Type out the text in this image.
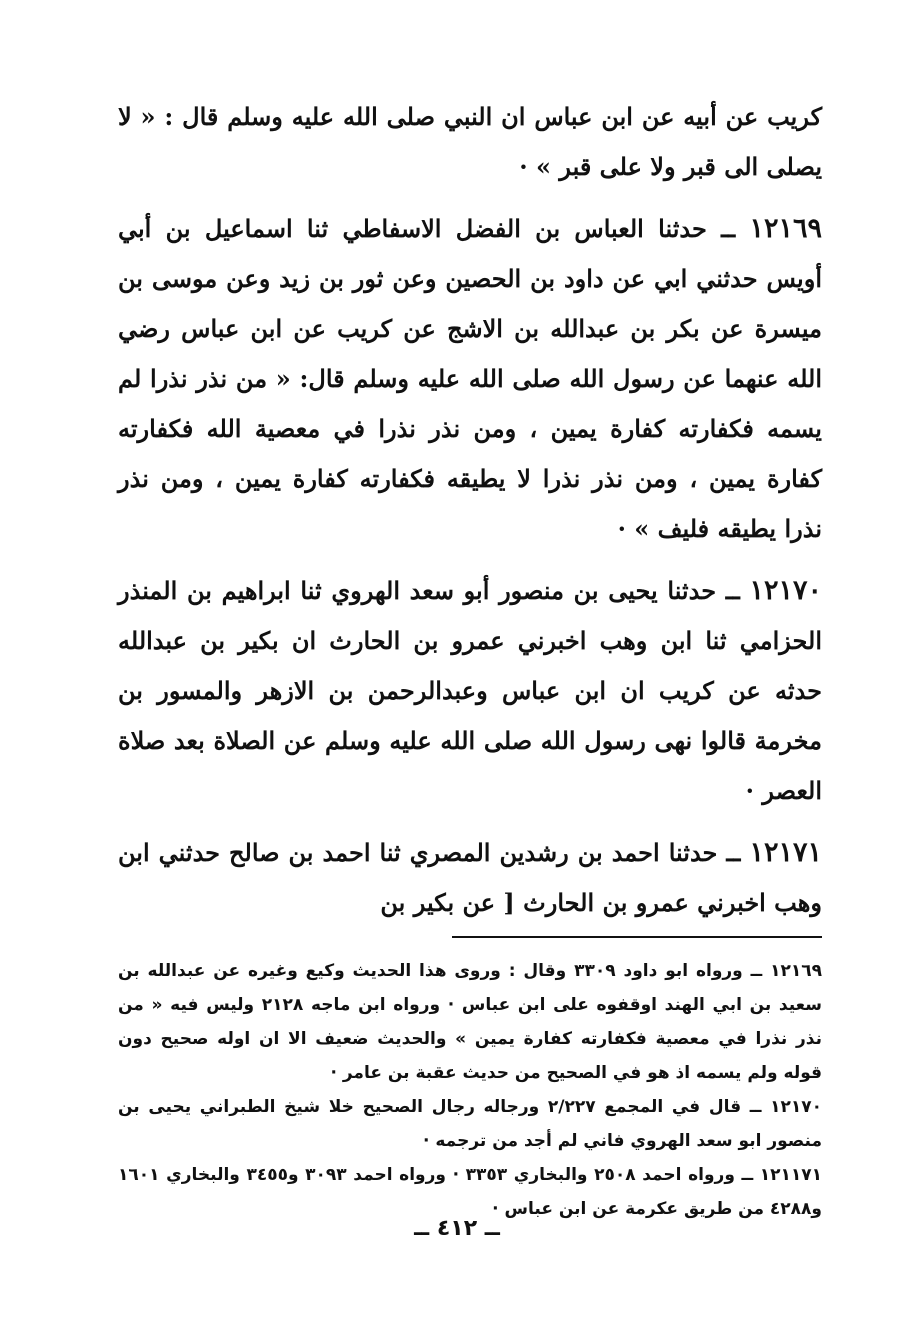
كريب عن أبيه عن ابن عباس ان النبي صلى الله عليه وسلم قال : « لا يصلى الى قبر ولا على قبر » ·

١٢١٦٩ ــ حدثنا العباس بن الفضل الاسفاطي ثنا اسماعيل بن أبي أويس حدثني ابي عن داود بن الحصين وعن ثور بن زيد وعن موسى بن ميسرة عن بكر بن عبدالله بن الاشج عن كريب عن ابن عباس رضي الله عنهما عن رسول الله صلى الله عليه وسلم قال: « من نذر نذرا لم يسمه فكفارته كفارة يمين ، ومن نذر نذرا في معصية الله فكفارته كفارة يمين ، ومن نذر نذرا لا يطيقه فكفارته كفارة يمين ، ومن نذر نذرا يطيقه فليف » ·

١٢١٧٠ ــ حدثنا يحيى بن منصور أبو سعد الهروي ثنا ابراهيم بن المنذر الحزامي ثنا ابن وهب اخبرني عمرو بن الحارث ان بكير بن عبدالله حدثه عن كريب ان ابن عباس وعبدالرحمن بن الازهر والمسور بن مخرمة قالوا نهى رسول الله صلى الله عليه وسلم عن الصلاة بعد صلاة العصر ·

١٢١٧١ ــ حدثنا احمد بن رشدين المصري ثنا احمد بن صالح حدثني ابن وهب اخبرني عمرو بن الحارث [ عن بكير بن

١٢١٦٩ ــ ورواه ابو داود ٣٣٠٩ وقال : وروى هذا الحديث وكيع وغيره عن عبدالله بن سعيد بن ابي الهند اوقفوه على ابن عباس · ورواه ابن ماجه ٢١٢٨ وليس فيه « من نذر نذرا في معصية فكفارته كفارة يمين » والحديث ضعيف الا ان اوله صحيح دون قوله ولم يسمه اذ هو في الصحيح من حديث عقبة بن عامر ·

١٢١٧٠ ــ قال في المجمع ٢/٢٢٧ ورجاله رجال الصحيح خلا شيخ الطبراني يحيى بن منصور ابو سعد الهروي فاني لم أجد من ترجمه ·

١٢١١٧١ ــ ورواه احمد ٢٥٠٨ والبخاري ٣٣٥٣ · ورواه احمد ٣٠٩٣ و٣٤٥٥ والبخاري ١٦٠١ و٤٢٨٨ من طريق عكرمة عن ابن عباس ·

ــ ٤١٢ ــ
